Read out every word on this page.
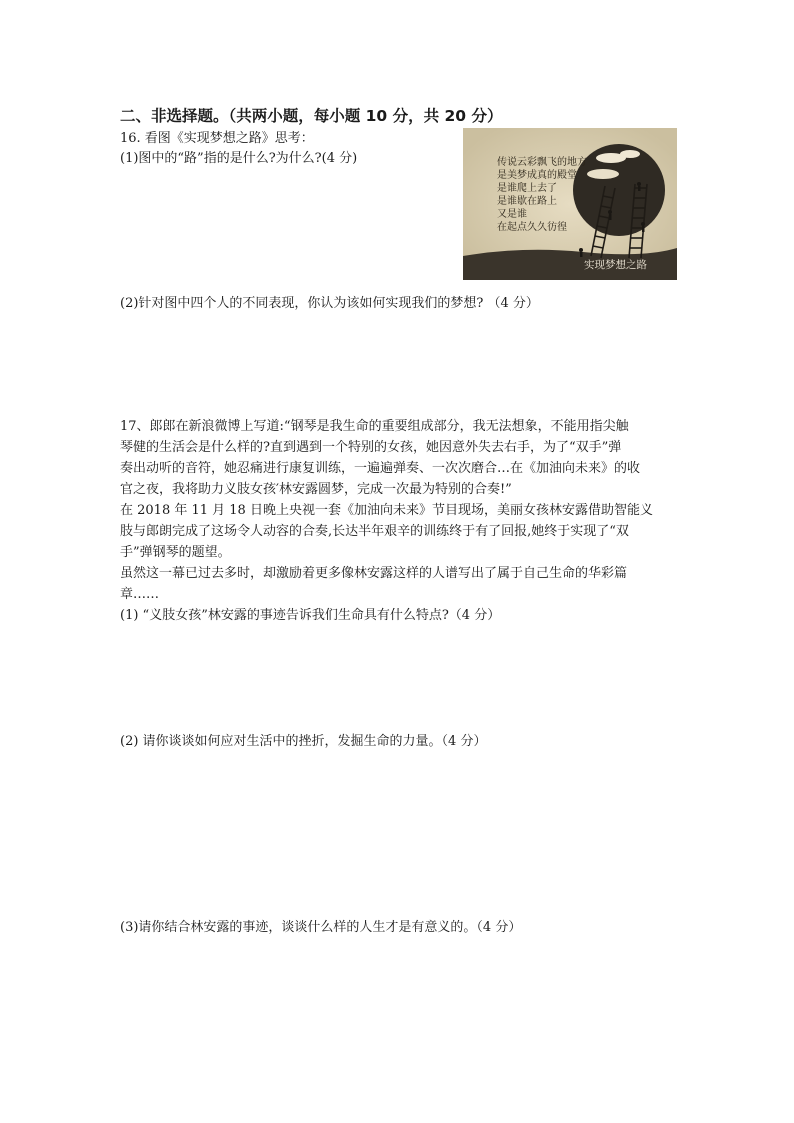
二、非选择题。（共两小题，每小题 10 分，共 20 分）
16. 看图《实现梦想之路》思考：
(1)图中的“路”指的是什么?为什么?(4 分)	传说云彩飘飞的地方
是美梦成真的殿堂
是谁爬上去了
是谁歇在路上
又是谁
在起点久久彷徨
实现梦想之路
(2)针对图中四个人的不同表现，你认为该如何实现我们的梦想? （4 分）
17、郎郎在新浪微博上写道:“钢琴是我生命的重要组成部分，我无法想象，不能用指尖触
琴健的生活会是什么样的?直到遇到一个特别的女孩，她因意外失去右手，为了“双手”弹
奏出动听的音符，她忍痛进行康复训练，一遍遍弹奏、一次次磨合…在《加油向未来》的收
官之夜，我将助力义肢女孩′林安露圆梦，完成一次最为特别的合奏!”
在 2018 年 11 月 18 日晚上央视一套《加油向未来》节目现场，美丽女孩林安露借助智能义
肢与郎朗完成了这场令人动容的合奏,长达半年艰辛的训练终于有了回报,她终于实现了“双
手”弹钢琴的题望。
虽然这一幕已过去多时，却激励着更多像林安露这样的人谱写出了属于自己生命的华彩篇
章……
(1) “义肢女孩”林安露的事迹告诉我们生命具有什么特点?（4 分）
(2) 请你谈谈如何应对生活中的挫折，发掘生命的力量。（4 分）
(3)请你结合林安露的事迹，谈谈什么样的人生才是有意义的。（4 分）
